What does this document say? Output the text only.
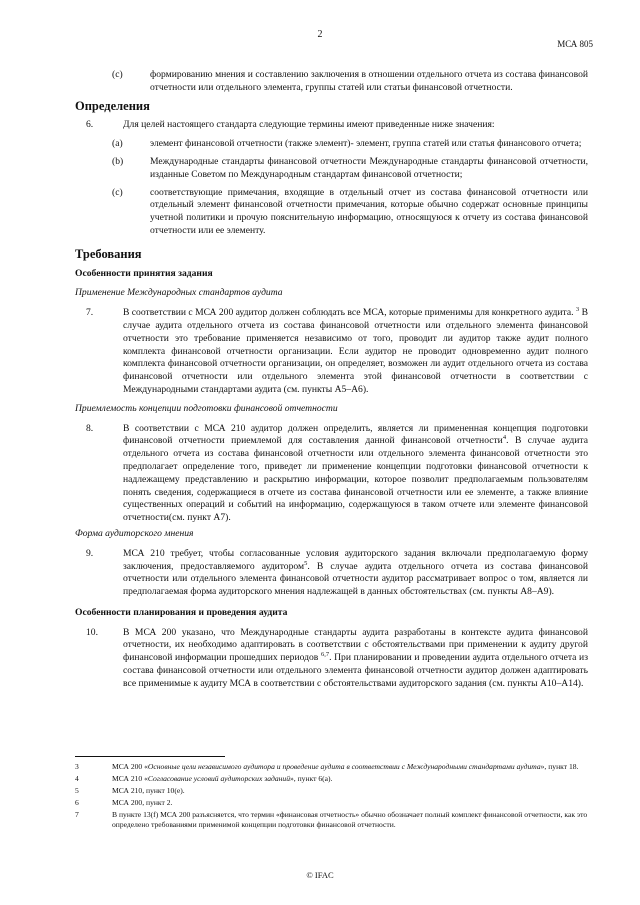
2
МСА 805
(c)	формированию мнения и составлению заключения в отношении отдельного отчета из состава финансовой отчетности или отдельного элемента, группы статей или статьи финансовой отчетности.
Определения
6.	Для целей настоящего стандарта следующие термины имеют приведенные ниже значения:
(a)	элемент финансовой отчетности (также элемент)- элемент, группа статей или статья финансового отчета;
(b)	Международные стандарты финансовой отчетности Международные стандарты финансовой отчетности, изданные Советом по Международным стандартам финансовой отчетности;
(c)	соответствующие примечания, входящие в отдельный отчет из состава финансовой отчетности или отдельный элемент финансовой отчетности примечания, которые обычно содержат основные принципы учетной политики и прочую пояснительную информацию, относящуюся к отчету из состава финансовой отчетности или ее элементу.
Требования
Особенности принятия задания
Применение Международных стандартов аудита
7.	В соответствии с МСА 200 аудитор должен соблюдать все МСА, которые применимы для конкретного аудита. $^3$ В случае аудита отдельного отчета из состава финансовой отчетности или отдельного элемента финансовой отчетности это требование применяется независимо от того, проводит ли аудитор также аудит полного комплекта финансовой отчетности организации. Если аудитор не проводит одновременно аудит полного комплекта финансовой отчетности организации, он определяет, возможен ли аудит отдельного отчета из состава финансовой отчетности или отдельного элемента этой финансовой отчетности в соответствии с Международными стандартами аудита (см. пункты А5–А6).
Приемлемость концепции подготовки финансовой отчетности
8.	В соответствии с МСА 210 аудитор должен определить, является ли примененная концепция подготовки финансовой отчетности приемлемой для составления данной финансовой отчетности$^4$. В случае аудита отдельного отчета из состава финансовой отчетности или отдельного элемента финансовой отчетности это предполагает определение того, приведет ли применение концепции подготовки финансовой отчетности к надлежащему представлению и раскрытию информации, которое позволит предполагаемым пользователям понять сведения, содержащиеся в отчете из состава финансовой отчетности или ее элементе, а также влияние существенных операций и событий на информацию, содержащуюся в таком отчете или элементе финансовой отчетности(см. пункт А7).
Форма аудиторского мнения
9.	МСА 210 требует, чтобы согласованные условия аудиторского задания включали предполагаемую форму заключения, предоставляемого аудитором$^5$. В случае аудита отдельного отчета из состава финансовой отчетности или отдельного элемента финансовой отчетности аудитор рассматривает вопрос о том, является ли предполагаемая форма аудиторского мнения надлежащей в данных обстоятельствах (см. пункты А8–А9).
Особенности планирования и проведения аудита
10.	В МСА 200 указано, что Международные стандарты аудита разработаны в контексте аудита финансовой отчетности, их необходимо адаптировать в соответствии с обстоятельствами при применении к аудиту другой финансовой информации прошедших периодов $^{6,7}$. При планировании и проведении аудита отдельного отчета из состава финансовой отчетности или отдельного элемента финансовой отчетности аудитор должен адаптировать все применимые к аудиту МСА в соответствии с обстоятельствами аудиторского задания (см. пункты А10–А14).
3	МСА 200 «Основные цели независимого аудитора и проведение аудита в соответствии с Международными стандартами аудита», пункт 18.
4	МСА 210 «Согласование условий аудиторских заданий», пункт 6(а).
5	МСА 210, пункт 10(е).
6	МСА 200, пункт 2.
7	В пункте 13(f) МСА 200 разъясняется, что термин «финансовая отчетность» обычно обозначает полный комплект финансовой отчетности, как это определено требованиями применимой концепции подготовки финансовой отчетности.
© IFAC
